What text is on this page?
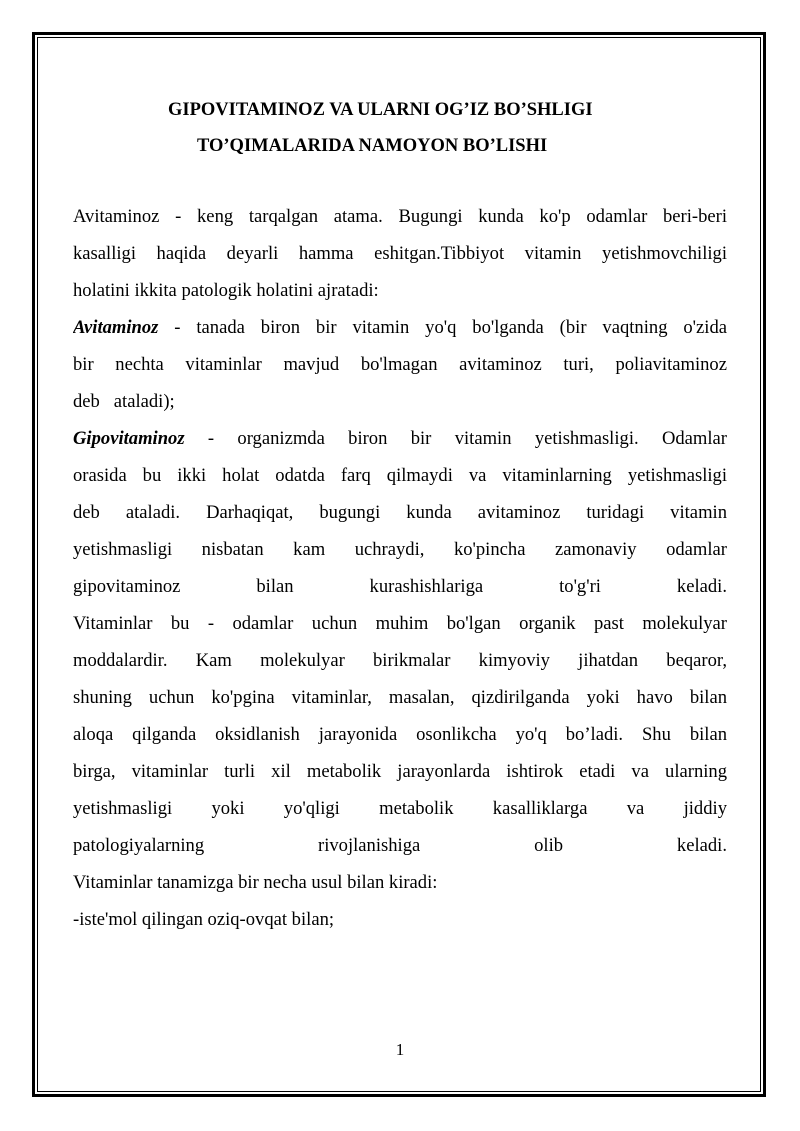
GIPOVITAMINOZ VA ULARNI OG’IZ BO’SHLIGI
TO’QIMALARIDA NAMOYON BO’LISHI
Avitaminoz - keng tarqalgan atama. Bugungi kunda ko'p odamlar beri-beri
kasalligi haqida deyarli hamma eshitgan.Tibbiyot vitamin yetishmovchiligi
holatini ikkita patologik holatini ajratadi:
Avitaminoz - tanada biron bir vitamin yo'q bo'lganda (bir vaqtning o'zida
bir nechta vitaminlar mavjud bo'lmagan avitaminoz turi, poliavitaminoz
deb   ataladi);
Gipovitaminoz - organizmda biron bir vitamin yetishmasligi. Odamlar
orasida bu ikki holat odatda farq qilmaydi va vitaminlarning yetishmasligi
deb ataladi. Darhaqiqat, bugungi kunda avitaminoz turidagi vitamin
yetishmasligi nisbatan kam uchraydi, ko'pincha zamonaviy odamlar
gipovitaminoz bilan kurashishlariga to'g'ri keladi.
Vitaminlar bu - odamlar uchun muhim bo'lgan organik past molekulyar
moddalardir. Kam molekulyar birikmalar kimyoviy jihatdan beqaror,
shuning uchun ko'pgina vitaminlar, masalan, qizdirilganda yoki havo bilan
aloqa qilganda oksidlanish jarayonida osonlikcha yo'q bo’ladi. Shu bilan
birga, vitaminlar turli xil metabolik jarayonlarda ishtirok etadi va ularning
yetishmasligi yoki yo'qligi metabolik kasalliklarga va jiddiy
patologiyalarning rivojlanishiga olib keladi.
Vitaminlar tanamizga bir necha usul bilan kiradi:
-iste'mol qilingan oziq-ovqat bilan;
1
